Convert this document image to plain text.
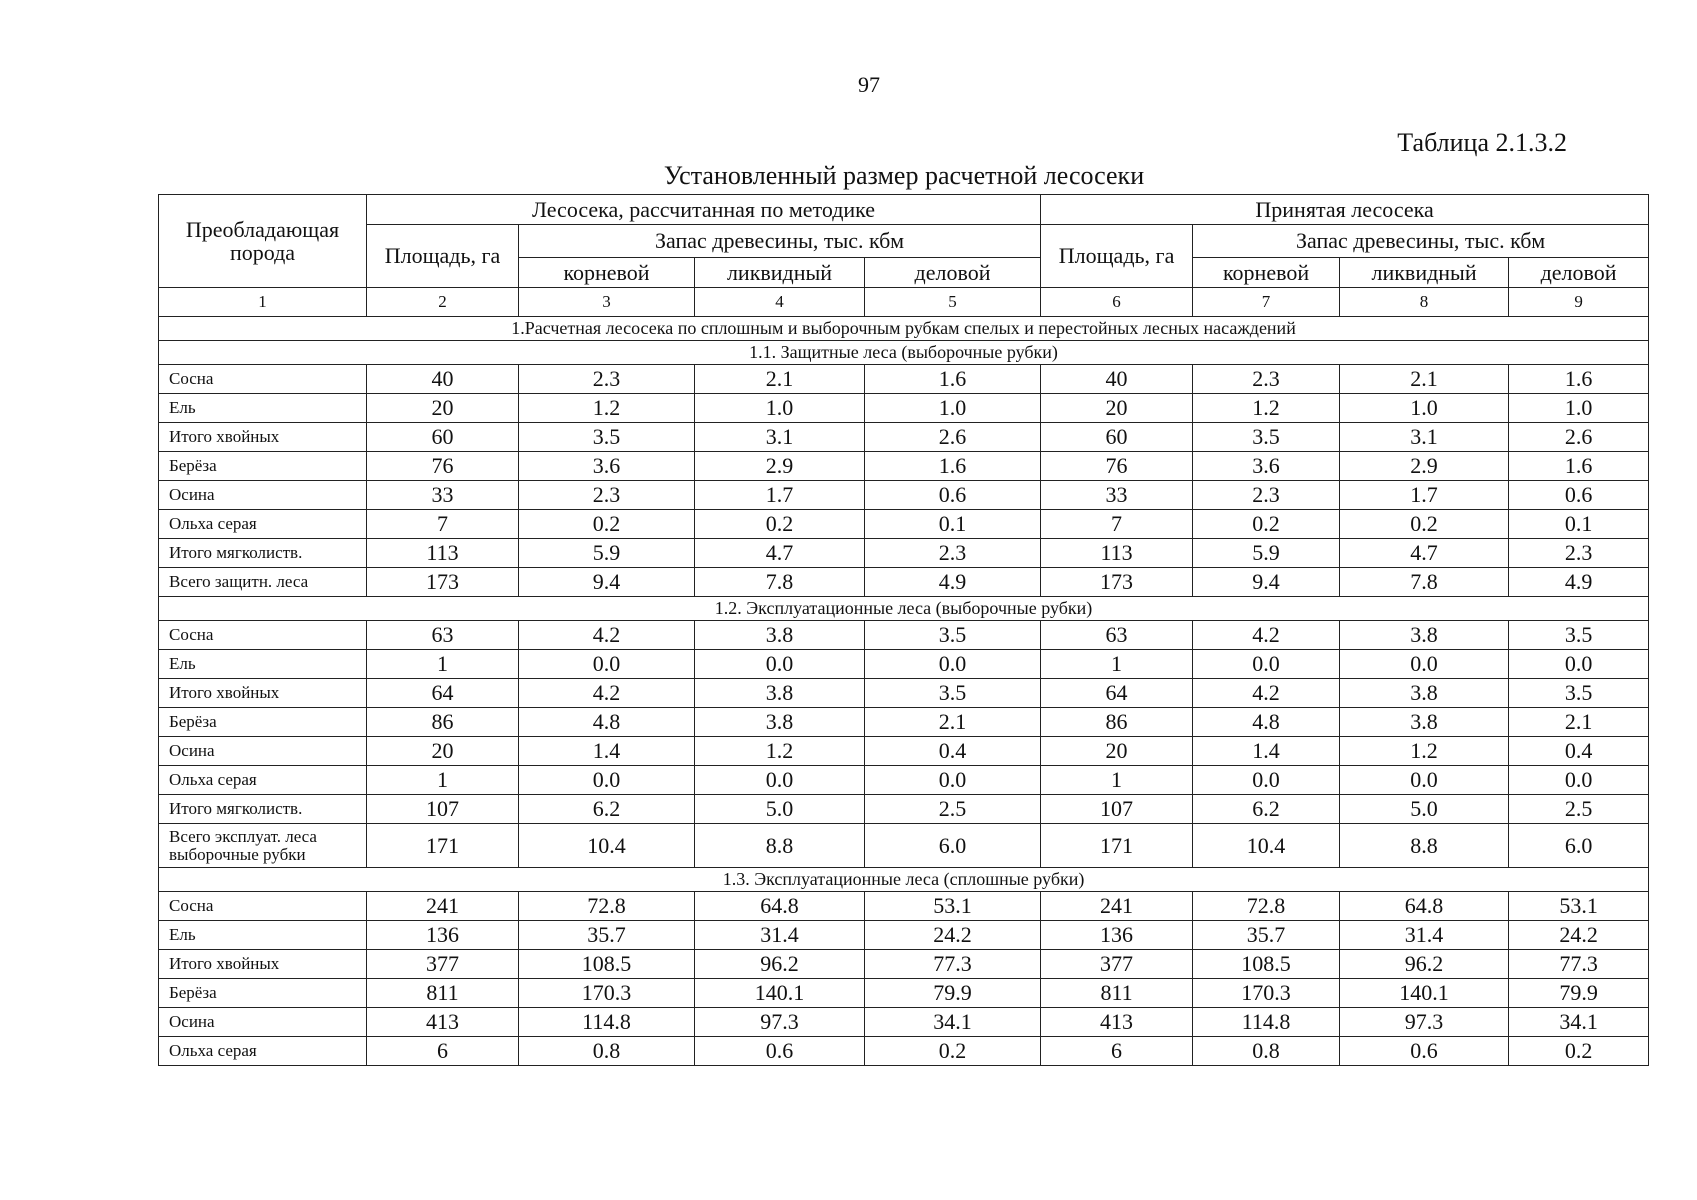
97
Таблица 2.1.3.2
Установленный размер расчетной лесосеки
Преобладающая порода	Лесосека, рассчитанная по методике				Принятая лесосека			
	Площадь, га	Запас древесины, тыс. кбм			Площадь, га	Запас древесины, тыс. кбм		
		корневой	ликвидный	деловой		корневой	ликвидный	деловой
1	2	3	4	5	6	7	8	9
1.Расчетная лесосека по сплошным и выборочным рубкам спелых и перестойных лесных насаждений								
1.1. Защитные леса (выборочные рубки)								
Сосна	40	2.3	2.1	1.6	40	2.3	2.1	1.6
Ель	20	1.2	1.0	1.0	20	1.2	1.0	1.0
Итого хвойных	60	3.5	3.1	2.6	60	3.5	3.1	2.6
Берёза	76	3.6	2.9	1.6	76	3.6	2.9	1.6
Осина	33	2.3	1.7	0.6	33	2.3	1.7	0.6
Ольха серая	7	0.2	0.2	0.1	7	0.2	0.2	0.1
Итого мягколиств.	113	5.9	4.7	2.3	113	5.9	4.7	2.3
Всего защитн. леса	173	9.4	7.8	4.9	173	9.4	7.8	4.9
1.2. Эксплуатационные леса (выборочные рубки)								
Сосна	63	4.2	3.8	3.5	63	4.2	3.8	3.5
Ель	1	0.0	0.0	0.0	1	0.0	0.0	0.0
Итого хвойных	64	4.2	3.8	3.5	64	4.2	3.8	3.5
Берёза	86	4.8	3.8	2.1	86	4.8	3.8	2.1
Осина	20	1.4	1.2	0.4	20	1.4	1.2	0.4
Ольха серая	1	0.0	0.0	0.0	1	0.0	0.0	0.0
Итого мягколиств.	107	6.2	5.0	2.5	107	6.2	5.0	2.5
Всего эксплуат. леса выборочные рубки	171	10.4	8.8	6.0	171	10.4	8.8	6.0
1.3. Эксплуатационные леса (сплошные рубки)								
Сосна	241	72.8	64.8	53.1	241	72.8	64.8	53.1
Ель	136	35.7	31.4	24.2	136	35.7	31.4	24.2
Итого хвойных	377	108.5	96.2	77.3	377	108.5	96.2	77.3
Берёза	811	170.3	140.1	79.9	811	170.3	140.1	79.9
Осина	413	114.8	97.3	34.1	413	114.8	97.3	34.1
Ольха серая	6	0.8	0.6	0.2	6	0.8	0.6	0.2
